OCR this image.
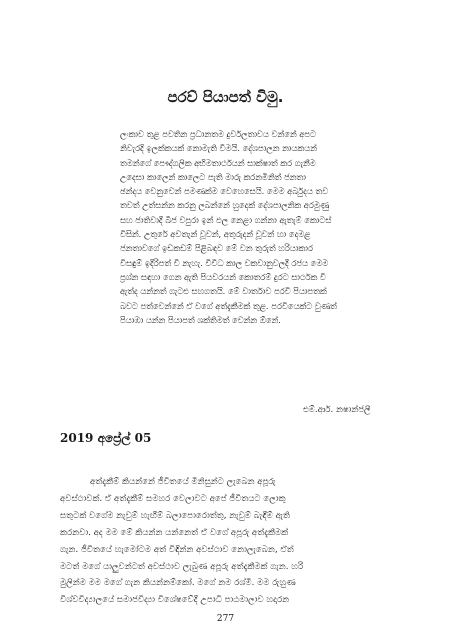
පරව් පියාපත් විමු.
ලංකාව තුළ පවතින ප්‍රධානතම දුර්වලතාවය වන්නේ අපට
නිවැරදි ඉලක්කයක් නොමැති වීමයි. දේශපාලන නායකයන්
තමන්ගේ පෞද්ගලික අභිමතාර්ථයන් සාක්ෂාත් කර ගැනීම
උදෙසා කාලෙන් කාලෙට පැති මාරු කරනමිනිත් ජනතා
ඡන්දය වෙනුවෙන් පමණක්ම වෙහෙසෙයි. මෙම අර්බුදය තව
තවත් උත්සන්න කරනු ලබන්නේ හුදෙක් දේශපාලනික අරමුණු
සහ ජාතිවාදී බීජ වපුරා ඉන් ඵල නෙළා ගන්නා ඇතැම් කොටස්
විසින්. උතුරේ අවතැන් වූවන්, අතුරුදන් වූවන් හා දෙමළ
ජනතාවගේ ඉඩකඩම් පිළිබඳව මේ වන තුරුත් හරියාකාර
විසඳුම් ඉදිරිපත් වී නැහැ. විවිධ කාල වකවානුවලදී රජය මෙම
ප්‍රශ්න සඳහා ගෙන ඇති පියවරයන් කොතරම් දුරට සාර්ථක වී
ඇත්ද යන්නත් ගැටළු සහගතයි. මේ වාර්තාව පරවි පියාපතක්
බවට පත්වෙන්නේ ඒ වගේ අත්දැකීමක් තුළ. පරවියෙක්ට වුණත්
පියාඹා යන්න පියාපත් ශක්තිමත් වෙන්න ඕනේ.
එම්.ආර්. නෂාන්ජලී
2019 අප්‍රේල් 05
අත්දැකීම් කියන්නේ ජීවිතයේ මිනිසුන්ට ලැබෙන අපූරු
අවස්ථාවක්. ඒ අත්දැකීම් සමහර වෙලාවට අපේ ජීවිතයට ලොකු
සතුටක් වගේම නැවුම් හැඟීම් බලාපොරොත්තු, නැවුම් බැඳීම් ඇති
කරනවා. අද මම මේ කියන්න යන්නෙත් ඒ වගේ අපූරු අත්දැකීමක්
ගැන. ජීවිතයේ හැමෝටම අත් විඳින්න අවස්ථාව නොලැබෙන, ඒත්
මටත් මගේ යාලුවන්ටත් අවස්ථාව ලැබුණ අපූරු අත්දැකීමක් ගැන. හරි
මුලින්ම මම මගේ ගැන කියන්නම්කෝ. මගේ නම රශ්මි. මම රුහුණ
විශ්වවිද්‍යාලයේ සමාජවිද්‍යා විශේෂවේදී උපාධි පාඨමාලාව හදාරන
277
